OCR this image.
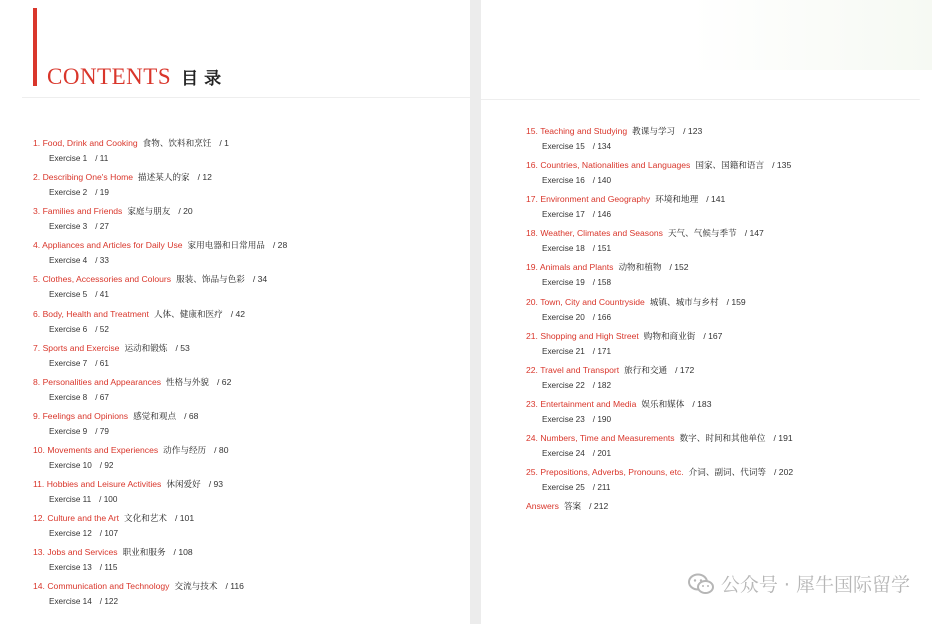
CONTENTS 目录
1. Food, Drink and Cooking 食物、饮料和烹饪 / 1
Exercise 1 / 11
2. Describing One's Home 描述某人的家 / 12
Exercise 2 / 19
3. Families and Friends 家庭与朋友 / 20
Exercise 3 / 27
4. Appliances and Articles for Daily Use 家用电器和日常用品 / 28
Exercise 4 / 33
5. Clothes, Accessories and Colours 服装、饰品与色彩 / 34
Exercise 5 / 41
6. Body, Health and Treatment 人体、健康和医疗 / 42
Exercise 6 / 52
7. Sports and Exercise 运动和锻炼 / 53
Exercise 7 / 61
8. Personalities and Appearances 性格与外貌 / 62
Exercise 8 / 67
9. Feelings and Opinions 感觉和观点 / 68
Exercise 9 / 79
10. Movements and Experiences 动作与经历 / 80
Exercise 10 / 92
11. Hobbies and Leisure Activities 休闲爱好 / 93
Exercise 11 / 100
12. Culture and the Art 文化和艺术 / 101
Exercise 12 / 107
13. Jobs and Services 职业和服务 / 108
Exercise 13 / 115
14. Communication and Technology 交流与技术 / 116
Exercise 14 / 122
Answers 答案 / 212
15. Teaching and Studying 教课与学习 / 123
Exercise 15 / 134
16. Countries, Nationalities and Languages 国家、国籍和语言 / 135
Exercise 16 / 140
17. Environment and Geography 环境和地理 / 141
Exercise 17 / 146
18. Weather, Climates and Seasons 天气、气候与季节 / 147
Exercise 18 / 151
19. Animals and Plants 动物和植物 / 152
Exercise 19 / 158
20. Town, City and Countryside 城镇、城市与乡村 / 159
Exercise 20 / 166
21. Shopping and High Street 购物和商业街 / 167
Exercise 21 / 171
22. Travel and Transport 旅行和交通 / 172
Exercise 22 / 182
23. Entertainment and Media 娱乐和媒体 / 183
Exercise 23 / 190
24. Numbers, Time and Measurements 数字、时间和其他单位 / 191
Exercise 24 / 201
25. Prepositions, Adverbs, Pronouns, etc. 介词、副词、代词等 / 202
Exercise 25 / 211
公众号 · 犀牛国际留学
